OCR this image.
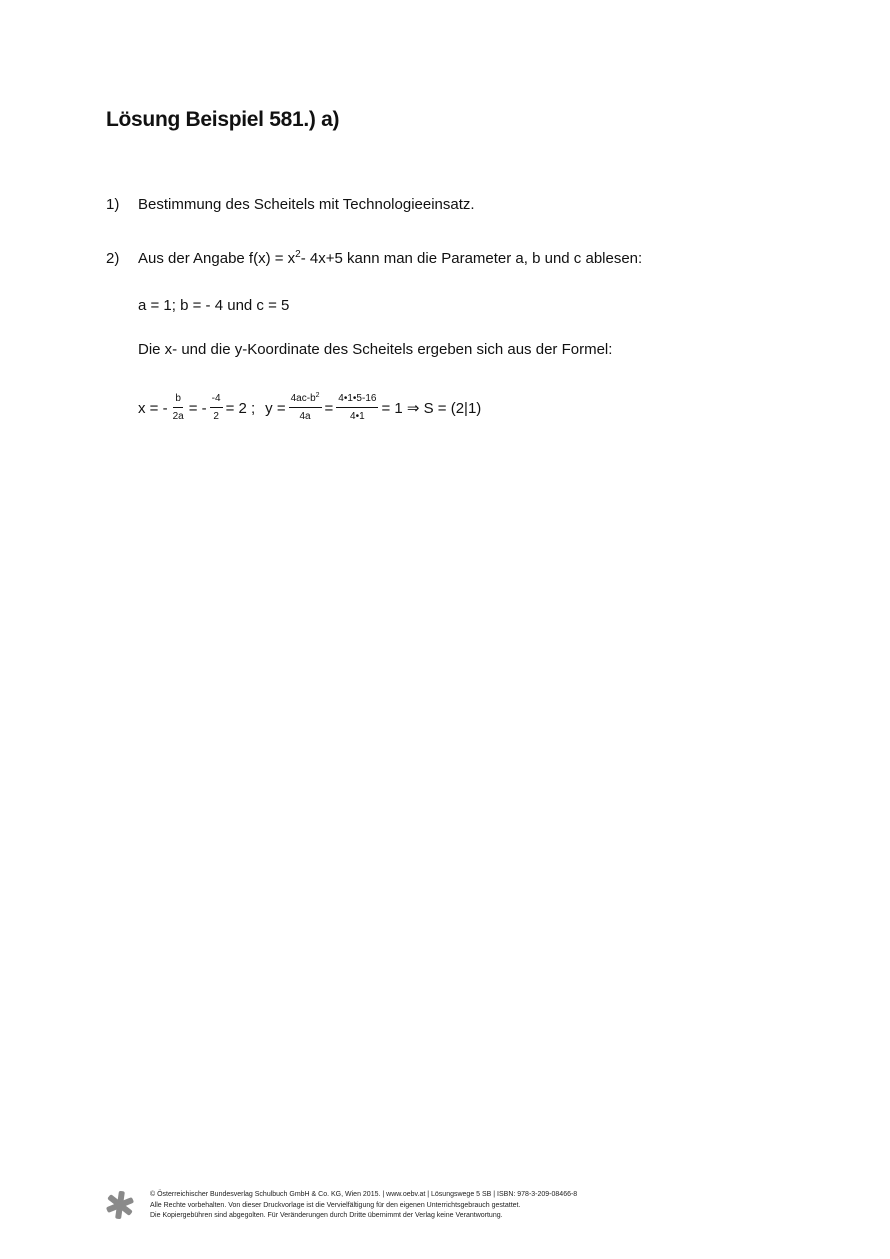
Lösung Beispiel 581.) a)
1) Bestimmung des Scheitels mit Technologieeinsatz.
2) Aus der Angabe $f(x) = x^2-$ 4x+5 kann man die Parameter a, b und c ablesen:
a = 1; b = - 4 und c = 5
Die x- und die y-Koordinate des Scheitels ergeben sich aus der Formel:
x = - $\frac{b}{2a}$ = - $\frac{-4}{2} = 2$ ; $y = \frac{4ac-b^2}{4a} = \frac{4•1•5-16}{4•1} = 1$ ⇒ S = (2|1)
© Österreichischer Bundesverlag Schulbuch GmbH & Co. KG, Wien 2015. | www.oebv.at | Lösungswege 5 SB | ISBN: 978-3-209-08466-8
Alle Rechte vorbehalten. Von dieser Druckvorlage ist die Vervielfältigung für den eigenen Unterrichtsgebrauch gestattet.
Die Kopiergebühren sind abgegolten. Für Veränderungen durch Dritte übernimmt der Verlag keine Verantwortung.
